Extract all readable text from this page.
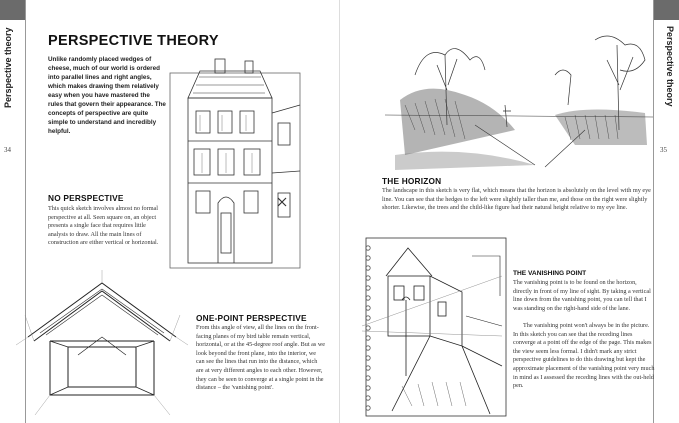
Perspective theory
34
Perspective theory
35
PERSPECTIVE THEORY

Unlike randomly placed wedges of cheese, much of our world is ordered into parallel lines and right angles, which makes drawing them relatively easy when you have mastered the rules that govern their appearance. The concepts of perspective are quite simple to understand and incredibly helpful.

NO PERSPECTIVE

This quick sketch involves almost no formal perspective at all. Seen square on, an object presents a single face that requires little analysis to draw. All the main lines of construction are either vertical or horizontal.

ONE-POINT PERSPECTIVE

From this angle of view, all the lines on the front-facing planes of my bird table remain vertical, horizontal, or at the 45-degree roof angle. But as we look beyond the front plane, into the interior, we can see the lines that run into the distance, which are at very different angles to each other. However, they can be seen to converge at a single point in the distance – the 'vanishing point'.

THE HORIZON

The landscape in this sketch is very flat, which means that the horizon is absolutely on the level with my eye line. You can see that the hedges to the left were slightly taller than me, and those on the right were slightly shorter. Likewise, the trees and the child-like figure had their natural height relative to my eye line.

THE VANISHING POINT

The vanishing point is to be found on the horizon, directly in front of my line of sight. By taking a vertical line down from the vanishing point, you can tell that I was standing on the right-hand side of the lane.

The vanishing point won't always be in the picture. In this sketch you can see that the receding lines converge at a point off the edge of the page. This makes the view seem less formal. I didn't mark any strict perspective guidelines to do this drawing but kept the approximate placement of the vanishing point very much in mind as I assessed the receding lines with the out-held pen.
